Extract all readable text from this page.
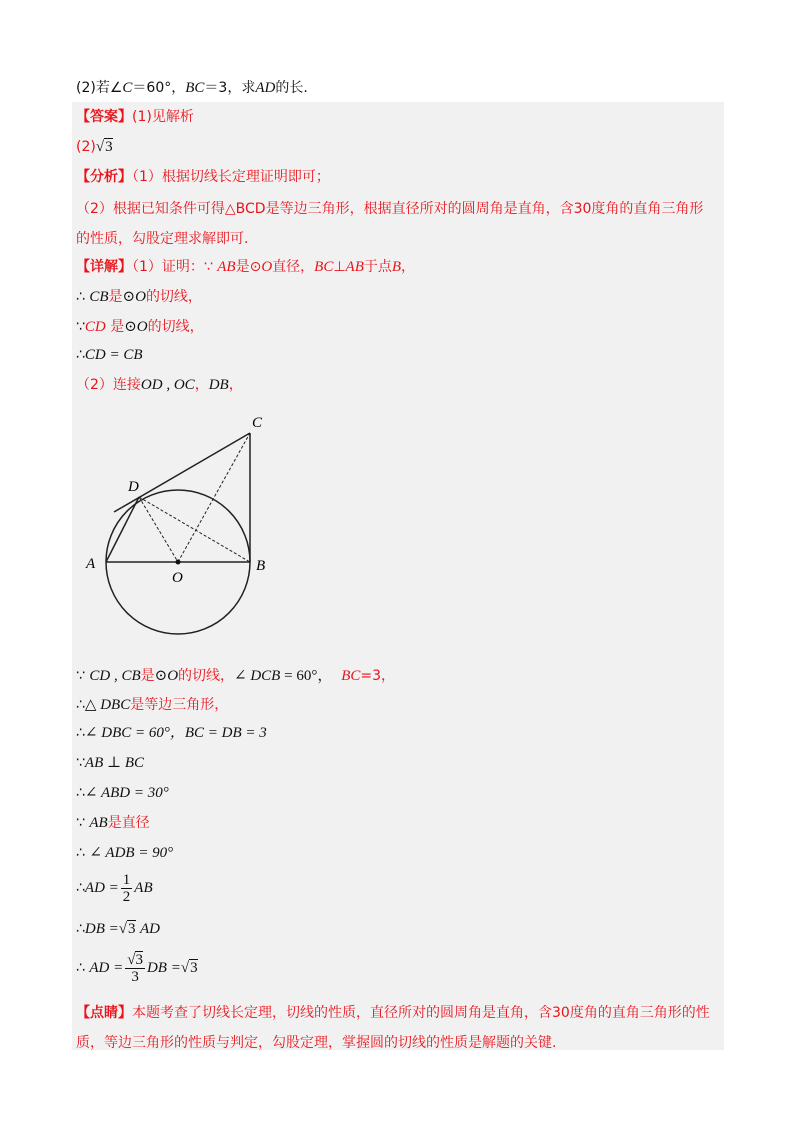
(2)若∠C＝60°，BC＝3，求AD的长.
【答案】(1)见解析
(2)√3
【分析】（1）根据切线长定理证明即可；
（2）根据已知条件可得△BCD是等边三角形，根据直径所对的圆周角是直角，含30度角的直角三角形的性质，勾股定理求解即可.
【详解】（1）证明：∵ AB是⊙O直径，BC⊥AB于点B，
∴ CB是⊙O的切线，
∵CD 是⊙O的切线，
∴CD = CB
（2）连接OD , OC，DB，
A	B
C
D
O
∵ CD , CB是⊙O的切线，∠ DCB = 60°， BC=3，
∴△ DBC是等边三角形，
∴∠ DBC = 60°，BC = DB = 3
∵AB ⊥ BC
∴∠ ABD = 30°
∵ AB是直径
∴ ∠ ADB = 90°
∴AD = $\frac{1}{2}$ AB
∴DB =√3 AD
∴ AD = $\frac{√3}{3}$ DB =√3
【点睛】本题考查了切线长定理，切线的性质，直径所对的圆周角是直角，含30度角的直角三角形的性质，等边三角形的性质与判定，勾股定理，掌握圆的切线的性质是解题的关键.
